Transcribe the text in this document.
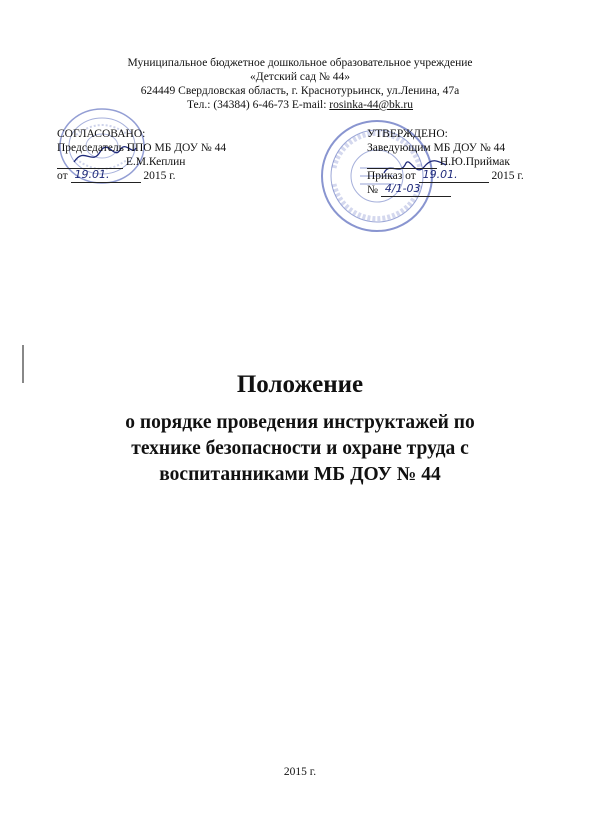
Муниципальное бюджетное дошкольное образовательное учреждение
«Детский сад № 44»
624449 Свердловская область, г. Краснотурьинск, ул.Ленина, 47а
Тел.: (34384) 6-46-73 E-mail: rosinka-44@bk.ru
СОГЛАСОВАНО:
Председатель ППО МБ ДОУ № 44
Е.М.Кеплин
от 19.01.	2015 г.
УТВЕРЖДЕНО:
Заведующим МБ ДОУ № 44
Н.Ю.Приймак
Приказ от 19.01.	2015 г.
№ 4/1-03
Положение
о порядке проведения инструктажей по
технике безопасности и охране труда с
воспитанниками МБ ДОУ № 44
2015 г.
